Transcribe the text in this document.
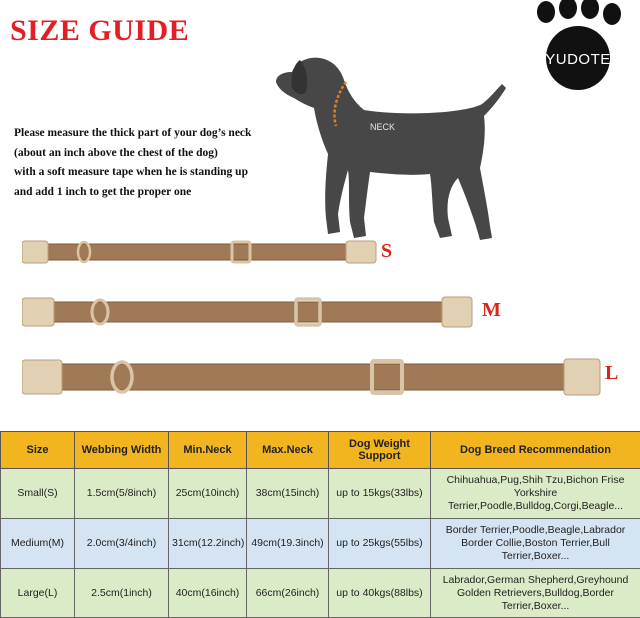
SIZE GUIDE
YUDOTE
Please measure the thick part of your dog’s neck
(about an inch above the chest of the dog)
with a soft measure tape when he is standing up
and add 1 inch to get the proper one
NECK
S
M
L
Size	Webbing Width	Min.Neck	Max.Neck	Dog Weight Support	Dog Breed Recommendation
Small(S)	1.5cm(5/8inch)	25cm(10inch)	38cm(15inch)	up to 15kgs(33lbs)	Chihuahua,Pug,Shih Tzu,Bichon Frise Yorkshire Terrier,Poodle,Bulldog,Corgi,Beagle...
Medium(M)	2.0cm(3/4inch)	31cm(12.2inch)	49cm(19.3inch)	up to 25kgs(55lbs)	Border Terrier,Poodle,Beagle,Labrador Border Collie,Boston Terrier,Bull Terrier,Boxer...
Large(L)	2.5cm(1inch)	40cm(16inch)	66cm(26inch)	up to 40kgs(88lbs)	Labrador,German Shepherd,Greyhound Golden Retrievers,Bulldog,Border Terrier,Boxer...
